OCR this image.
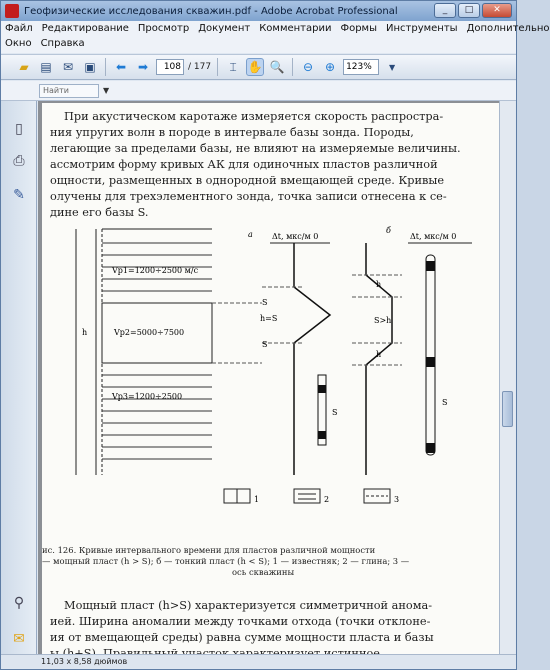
Геофизические исследования скважин.pdf - Adobe Acrobat Professional	_	□	✕
Файл Редактирование Просмотр Документ Комментарии Формы Инструменты Дополнительно
Окно Справка
▰ ▤ ✉ ▣	⬅ ➡	108 / 177	⌶ ✋ 🔍	⊖ ⊕	123%	▼
Найти	▼
▯
⎙
✎
⚲
✉
При акустическом каротаже измеряется скорость распростра-
ния упругих волн в породе в интервале базы зонда. Породы,
легающие за пределами базы, не влияют на измеряемые величины.
ассмотрим форму кривых АК для одиночных пластов различной
ощности, размещенных в однородной вмещающей среде. Кривые
олучены для трехэлементного зонда, точка записи отнесена к се-
дине его базы S.
Vp1=1200÷2500 м/с
Vp2=5000÷7500
Vp3=1200÷2500
h
а Δt, мкс/м 0
S
h=S
S
S
б
Δt, мкс/м 0
h
S>h
h
S
1	2	3
ис. 126. Кривые интервального времени для пластов различной мощности
— мощный пласт (h > S); б — тонкий пласт (h < S); 1 — известняк; 2 — глина; 3 —
ось скважины
Мощный пласт (h>S) характеризуется симметричной анома-
ией. Ширина аномалии между точками отхода (точки отклоне-
ия от вмещающей среды) равна сумме мощности пласта и базы
11,03 x 8,58 дюймов
